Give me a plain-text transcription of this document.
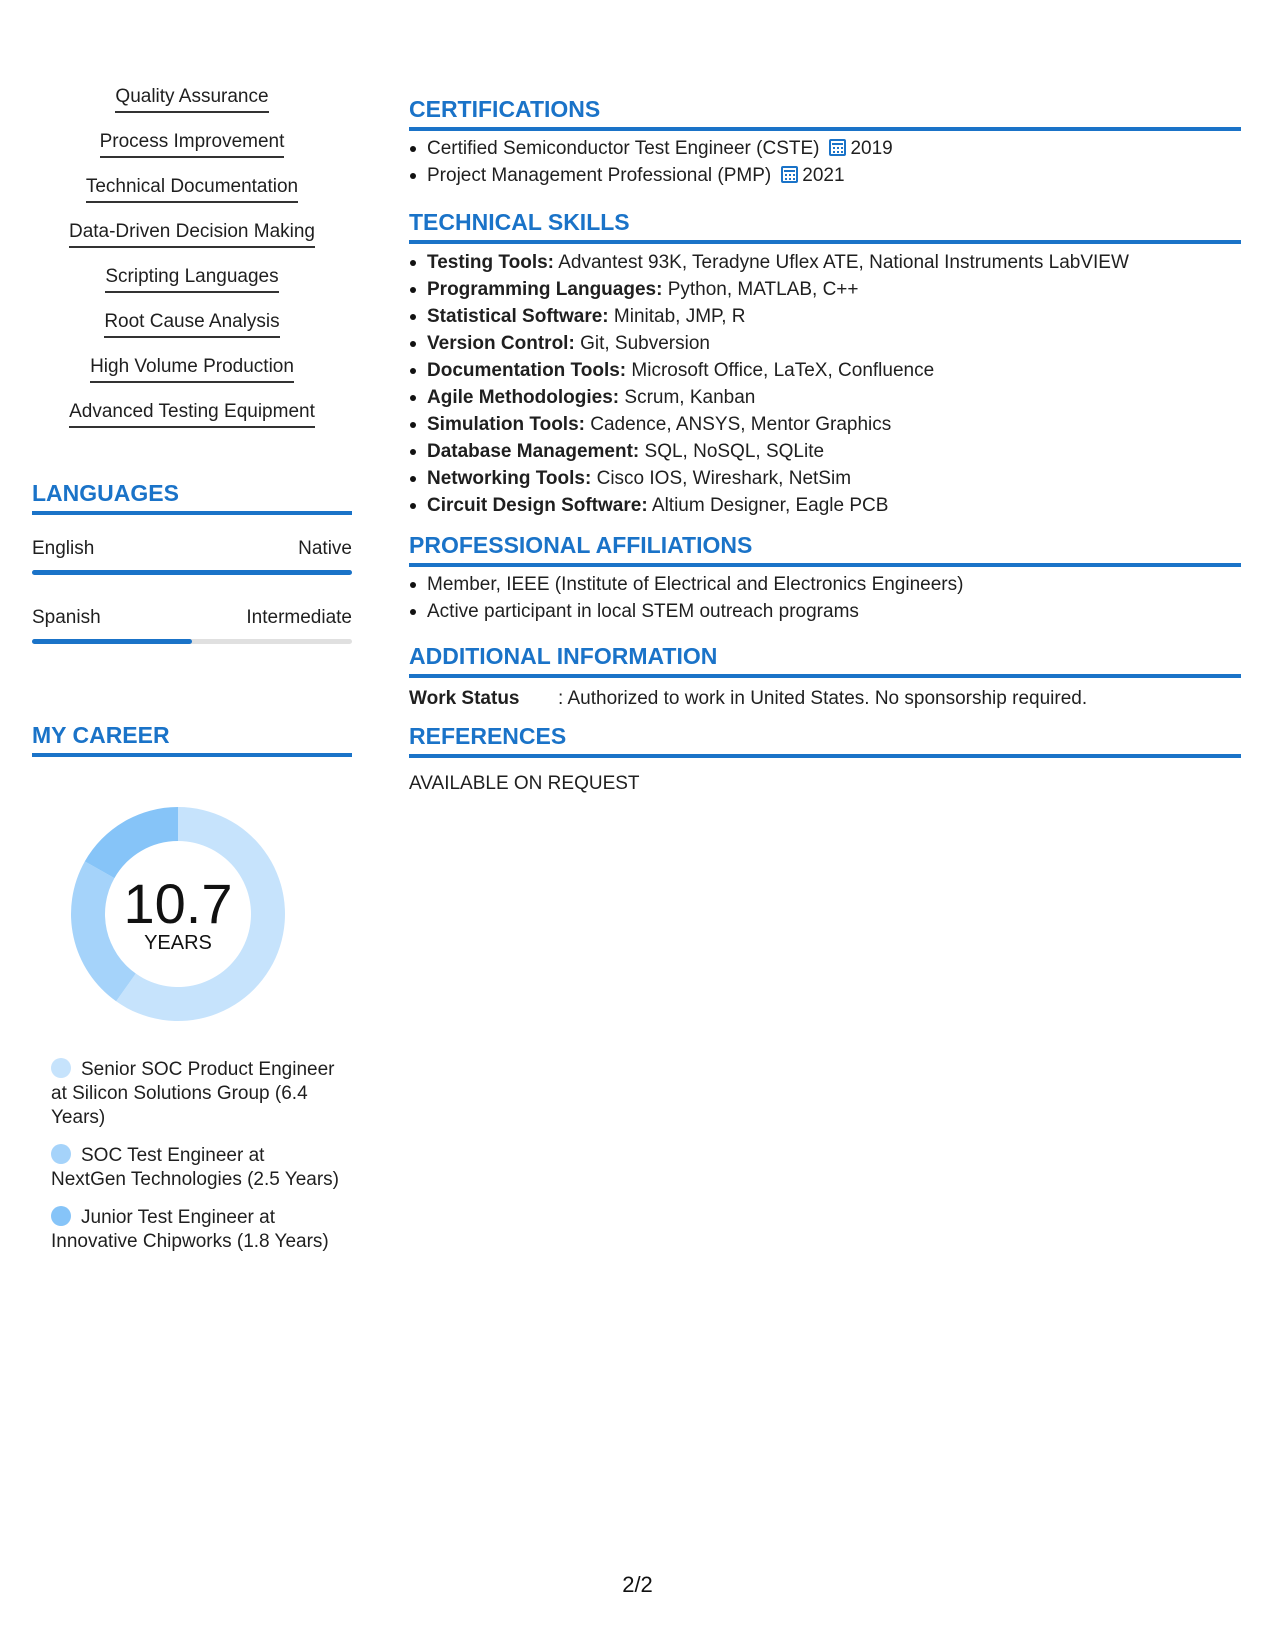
Quality Assurance
Process Improvement
Technical Documentation
Data-Driven Decision Making
Scripting Languages
Root Cause Analysis
High Volume Production
Advanced Testing Equipment
LANGUAGES
English	Native
Spanish	Intermediate
MY CAREER
10.7
YEARS
Senior SOC Product Engineer at Silicon Solutions Group (6.4 Years)
SOC Test Engineer at NextGen Technologies (2.5 Years)
Junior Test Engineer at Innovative Chipworks (1.8 Years)
CERTIFICATIONS
Certified Semiconductor Test Engineer (CSTE) 2019
Project Management Professional (PMP) 2021
TECHNICAL SKILLS
Testing Tools: Advantest 93K, Teradyne Uflex ATE, National Instruments LabVIEW
Programming Languages: Python, MATLAB, C++
Statistical Software: Minitab, JMP, R
Version Control: Git, Subversion
Documentation Tools: Microsoft Office, LaTeX, Confluence
Agile Methodologies: Scrum, Kanban
Simulation Tools: Cadence, ANSYS, Mentor Graphics
Database Management: SQL, NoSQL, SQLite
Networking Tools: Cisco IOS, Wireshark, NetSim
Circuit Design Software: Altium Designer, Eagle PCB
PROFESSIONAL AFFILIATIONS
Member, IEEE (Institute of Electrical and Electronics Engineers)
Active participant in local STEM outreach programs
ADDITIONAL INFORMATION
Work Status	: Authorized to work in United States. No sponsorship required.
REFERENCES
AVAILABLE ON REQUEST
2/2
